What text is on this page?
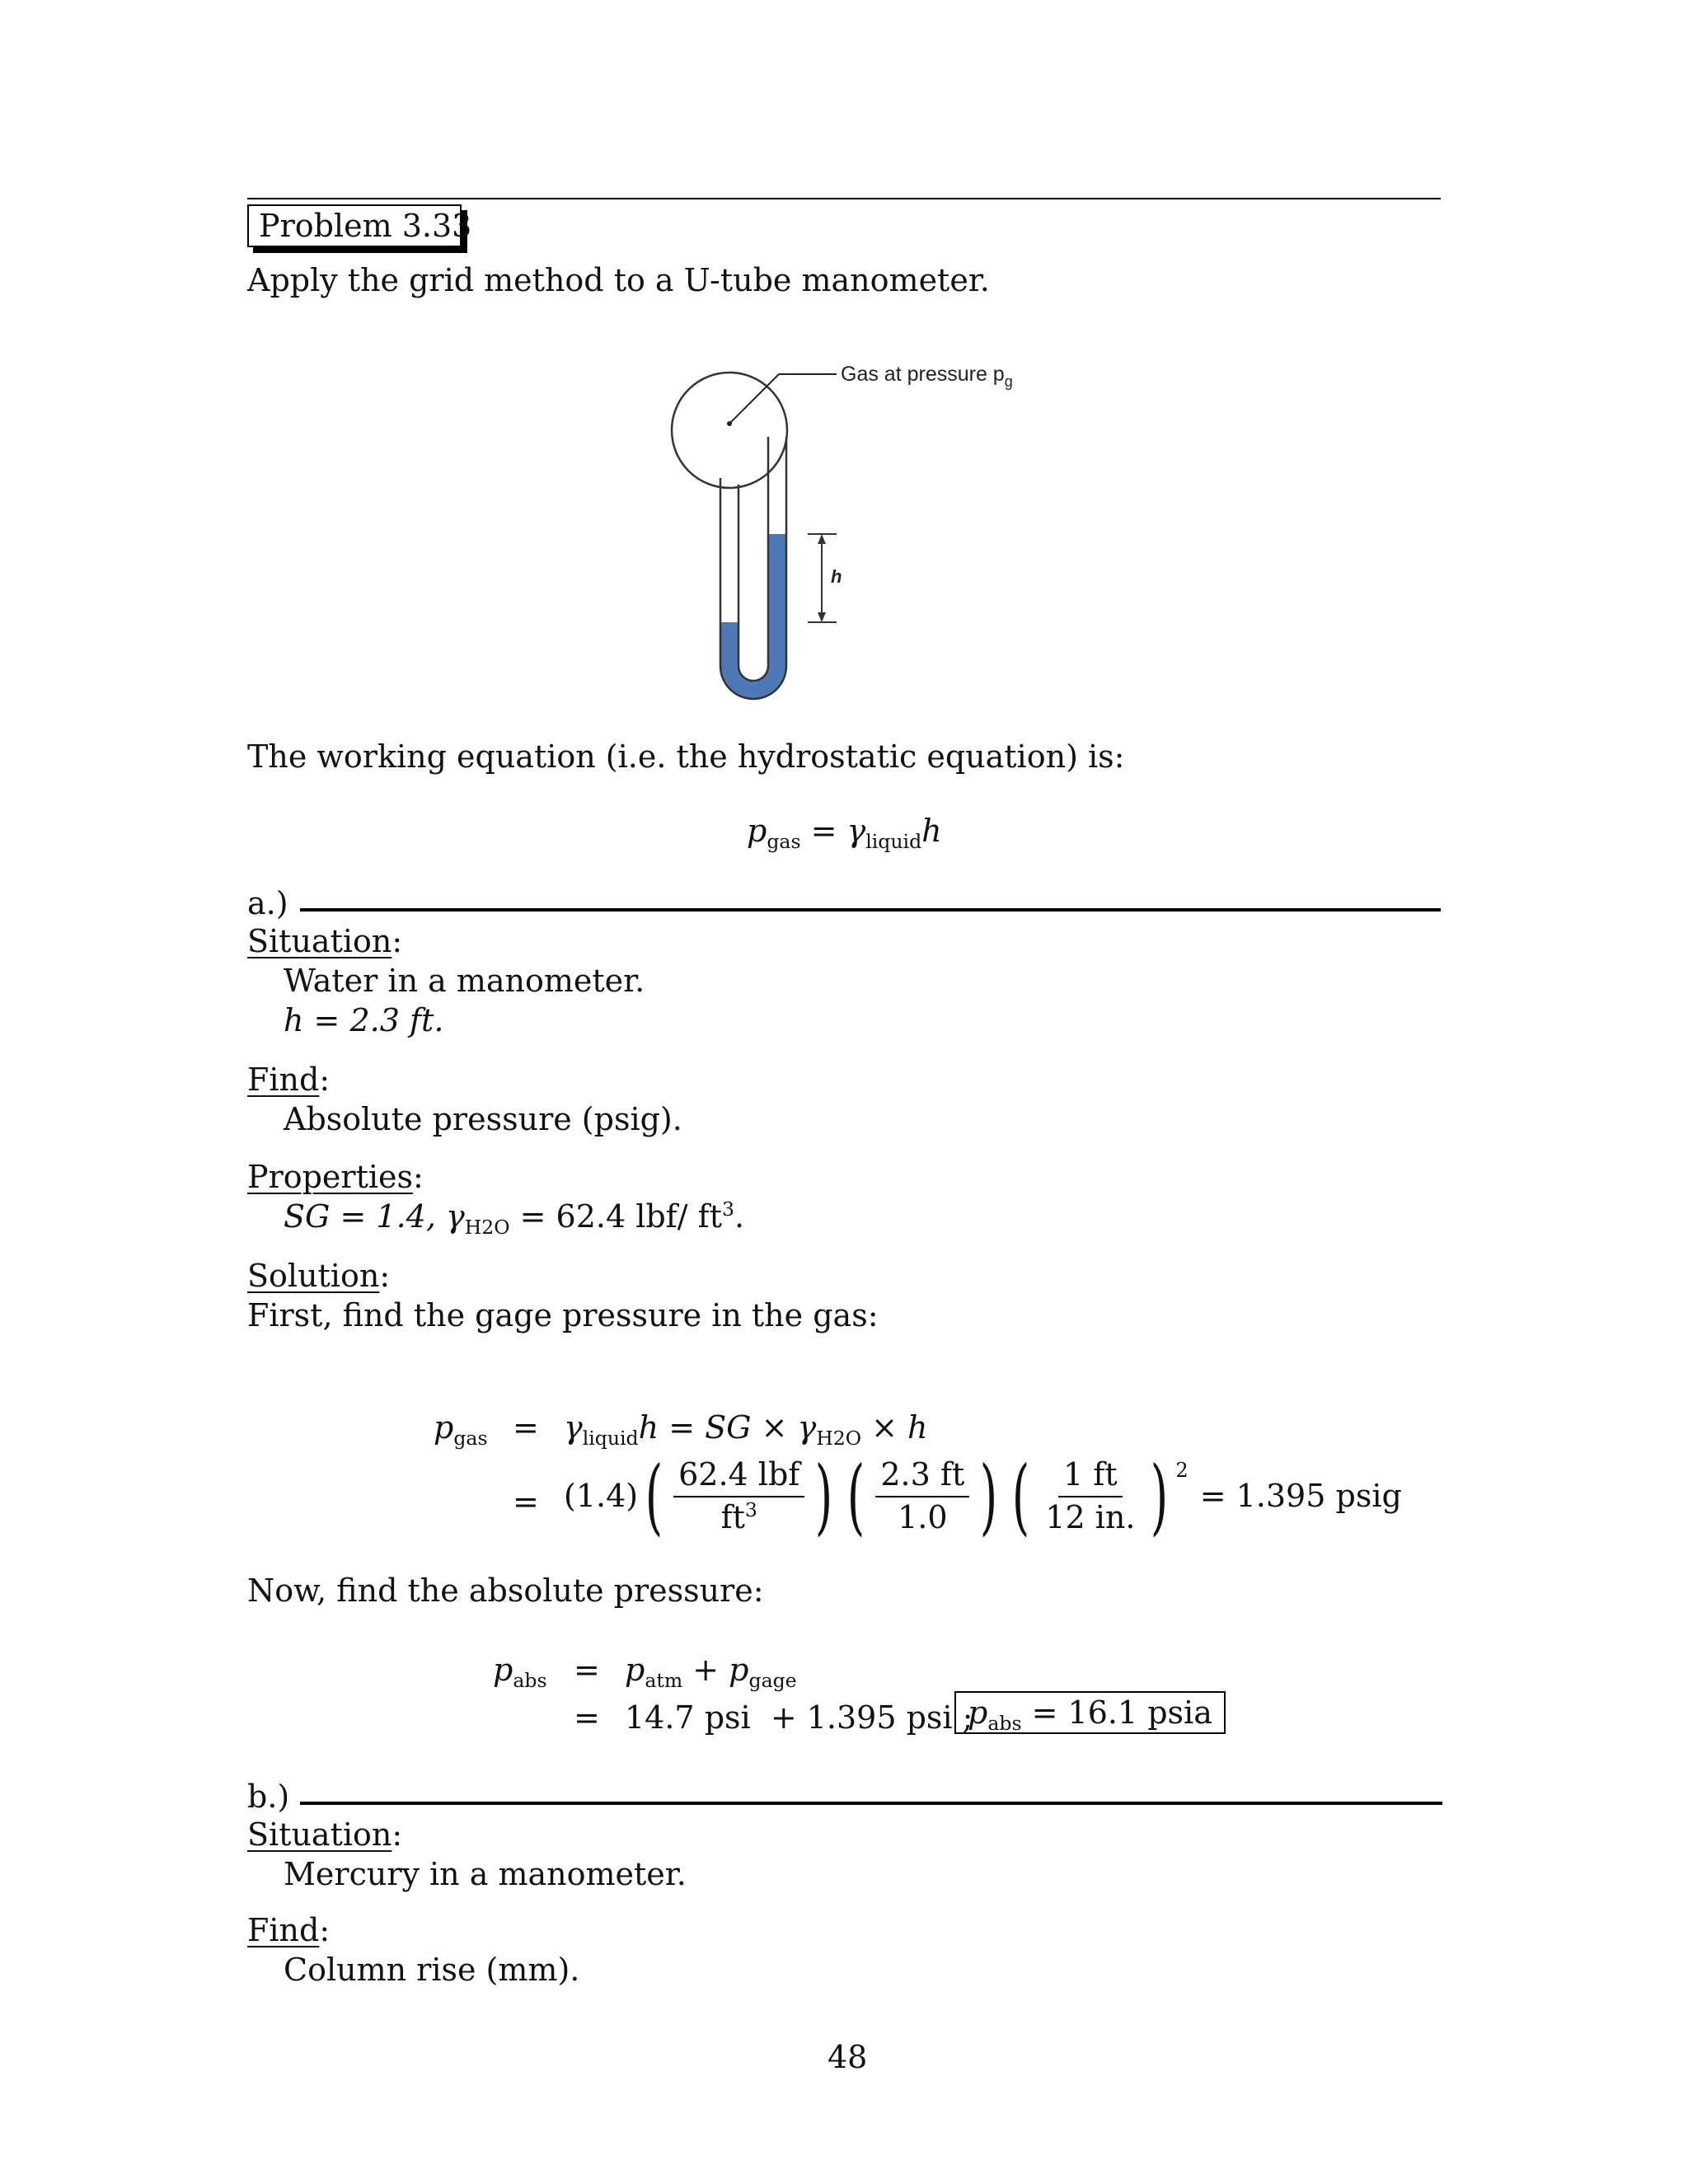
Problem 3.33
Apply the grid method to a U-tube manometer.
h
Gas at pressure $p_g$
The working equation (i.e. the hydrostatic equation) is:
$p_{gas} = \gamma_{liquid}h$
a.)
Situation:
Water in a manometer.
h = 2.3 ft.
Find:
Absolute pressure (psig).
Properties:
SG = 1.4, $\gamma_{H2O} = 62.4$ lbf/ $ft^3$.
Solution:
First, find the gage pressure in the gas:
$p_{gas} = \gamma_{liquid}h$ = SG × $\gamma_{H2O} \times h$
= (1.4) ( $\frac{\text{62.4 lbf}}{ft^3}$ ) ( $\frac{2.3 ft}{1.0}$ ) ( $\frac{1 ft}{12 in.}$ ) 2
= 1.395 psig
Now, find the absolute pressure:
$p_{abs} = p_{atm} + p_{gage}$
= 14.7 psi  + 1.395 psi ;
$p_{abs} = 16.1$ psia
b.)
Situation:
Mercury in a manometer.
Find:
Column rise (mm).
48
